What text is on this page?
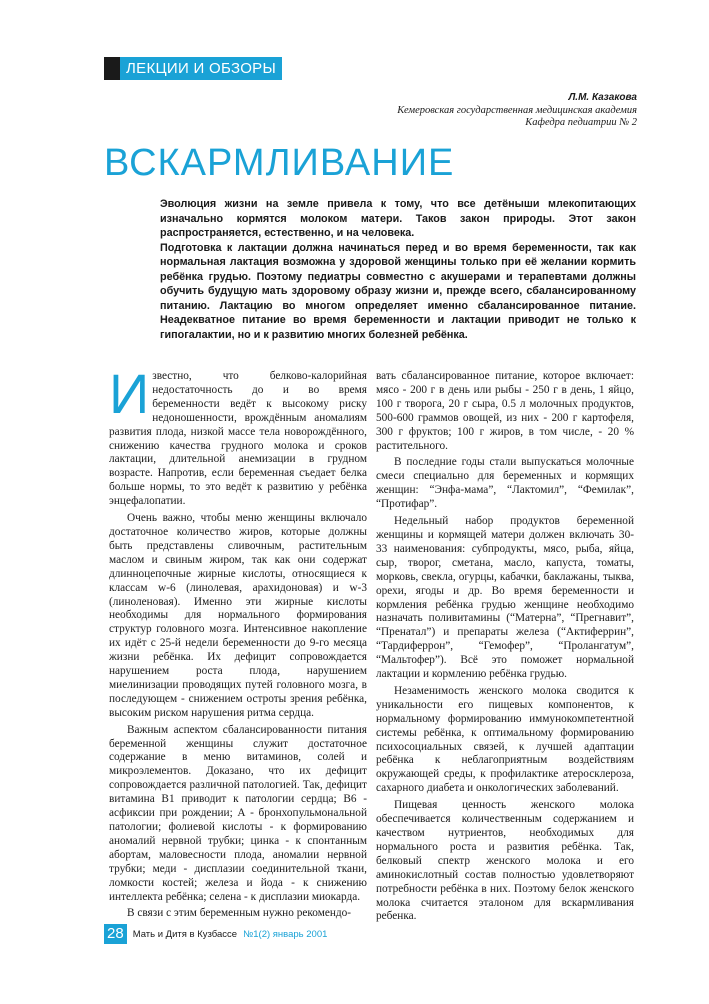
ЛЕКЦИИ И ОБЗОРЫ
Л.М. Казакова
Кемеровская государственная медицинская академия
Кафедра педиатрии № 2
ВСКАРМЛИВАНИЕ

Эволюция жизни на земле привела к тому, что все детёныши млекопитающих изначально кормятся молоком матери. Таков закон природы. Этот закон распространяется, естественно, и на человека.

Подготовка к лактации должна начинаться перед и во время беременности, так как нормальная лактация возможна у здоровой женщины только при её желании кормить ребёнка грудью. Поэтому педиатры совместно с акушерами и терапевтами должны обучить будущую мать здоровому образу жизни и, прежде всего, сбалансированному питанию. Лактацию во многом определяет именно сбалансированное питание. Неадекватное питание во время беременности и лактации приводит не только к гипогалактии, но и к развитию многих болезней ребёнка.

Известно, что белково-калорийная недостаточность до и во время беременности ведёт к высокому риску недоношенности, врождённым аномалиям развития плода, низкой массе тела новорождённого, снижению качества грудного молока и сроков лактации, длительной анемизации в грудном возрасте. Напротив, если беременная съедает белка больше нормы, то это ведёт к развитию у ребёнка энцефалопатии.

Очень важно, чтобы меню женщины включало достаточное количество жиров, которые должны быть представлены сливочным, растительным маслом и свиным жиром, так как они содержат длинноцепочные жирные кислоты, относящиеся к классам w-6 (линолевая, арахидоновая) и w-3 (линоленовая). Именно эти жирные кислоты необходимы для нормального формирования структур головного мозга. Интенсивное накопление их идёт с 25-й недели беременности до 9-го месяца жизни ребёнка. Их дефицит сопровождается нарушением роста плода, нарушением миелинизации проводящих путей головного мозга, в последующем - снижением остроты зрения ребёнка, высоким риском нарушения ритма сердца.

Важным аспектом сбалансированности питания беременной женщины служит достаточное содержание в меню витаминов, солей и микроэлементов. Доказано, что их дефицит сопровождается различной патологией. Так, дефицит витамина B1 приводит к патологии сердца; B6 - асфиксии при рождении; А - бронхопульмональной патологии; фолиевой кислоты - к формированию аномалий нервной трубки; цинка - к спонтанным абортам, маловесности плода, аномалии нервной трубки; меди - дисплазии соединительной ткани, ломкости костей; железа и йода - к снижению интеллекта ребёнка; селена - к дисплазии миокарда.

В связи с этим беременным нужно рекомендо-

вать сбалансированное питание, которое включает: мясо - 200 г в день или рыбы - 250 г в день, 1 яйцо, 100 г творога, 20 г сыра, 0.5 л молочных продуктов, 500-600 граммов овощей, из них - 200 г картофеля, 300 г фруктов; 100 г жиров, в том числе, - 20 % растительного.

В последние годы стали выпускаться молочные смеси специально для беременных и кормящих женщин: “Энфа-мама”, “Лактомил”, “Фемилак”, “Протифар”.

Недельный набор продуктов беременной женщины и кормящей матери должен включать 30-33 наименования: субпродукты, мясо, рыба, яйца, сыр, творог, сметана, масло, капуста, томаты, морковь, свекла, огурцы, кабачки, баклажаны, тыква, орехи, ягоды и др. Во время беременности и кормления ребёнка грудью женщине необходимо назначать поливитамины (“Матерна”, “Прегнавит”, “Пренатал”) и препараты железа (“Актиферрин”, “Тардиферрон”, “Гемофер”, “Пролангатум”, “Мальтофер”). Всё это поможет нормальной лактации и кормлению ребёнка грудью.

Незаменимость женского молока сводится к уникальности его пищевых компонентов, к нормальному формированию иммунокомпетентной системы ребёнка, к оптимальному формированию психосоциальных связей, к лучшей адаптации ребёнка к неблагоприятным воздействиям окружающей среды, к профилактике атеросклероза, сахарного диабета и онкологических заболеваний.

Пищевая ценность женского молока обеспечивается количественным содержанием и качеством нутриентов, необходимых для нормального роста и развития ребёнка. Так, белковый спектр женского молока и его аминокислотный состав полностью удовлетворяют потребности ребёнка в них. Поэтому белок женского молока считается эталоном для вскармливания ребенка.

28 Мать и Дитя в Кузбассе №1(2) январь 2001
